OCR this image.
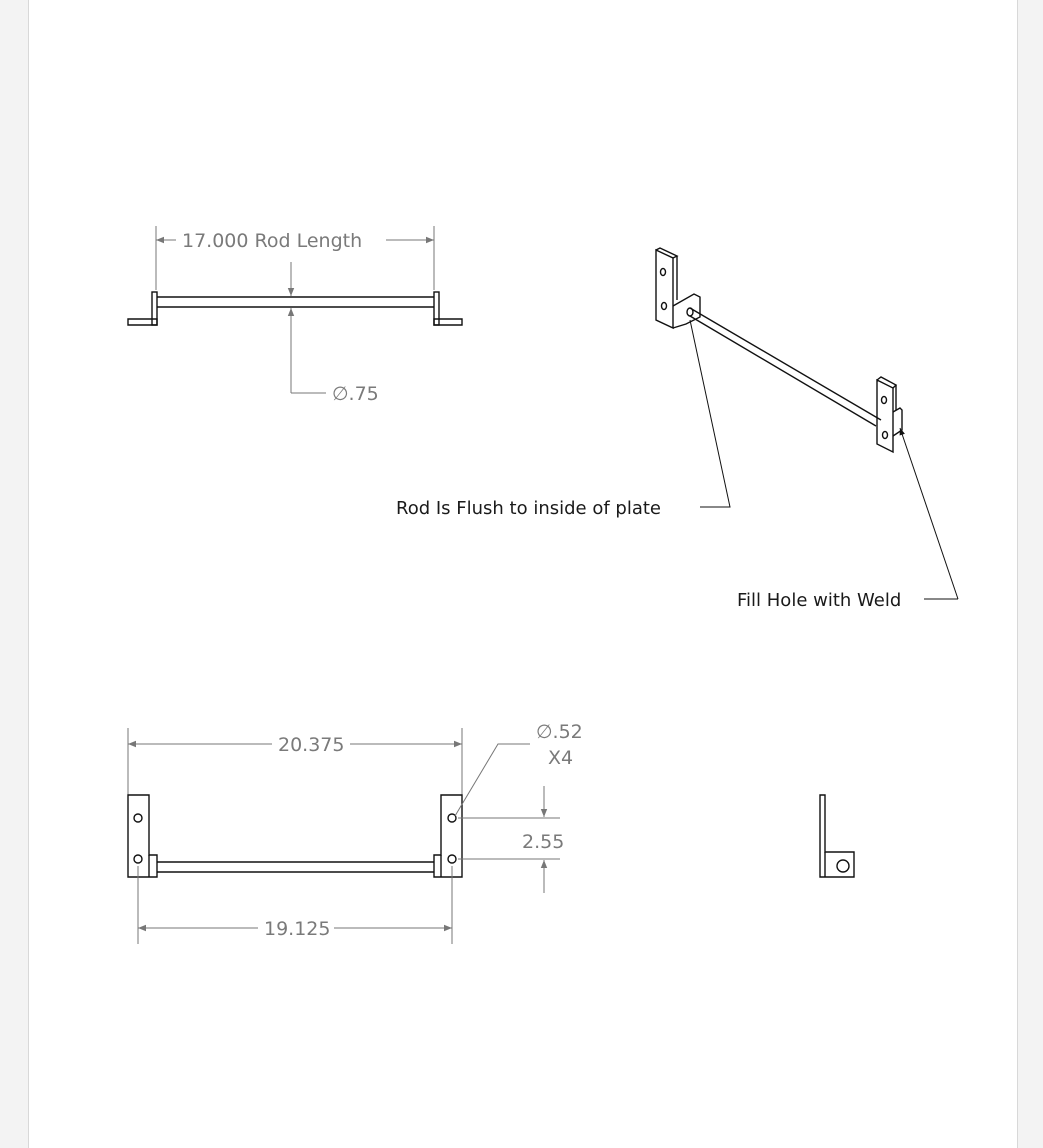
17.000 Rod Length
∅.75
Rod Is Flush to inside of plate
Fill Hole with Weld
20.375
∅.52
X4
2.55
19.125
